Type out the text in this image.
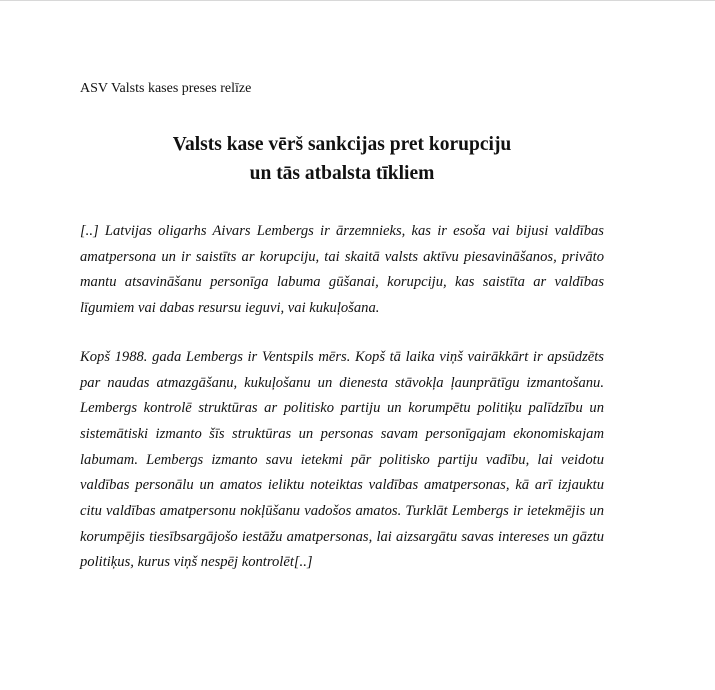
ASV Valsts kases preses relīze

Valsts kase vērš sankcijas pret korupciju
un tās atbalsta tīkliem

[..] Latvijas oligarhs Aivars Lembergs ir ārzemnieks, kas ir esoša vai bijusi valdības amatpersona un ir saistīts ar korupciju, tai skaitā valsts aktīvu piesavināšanos, privāto mantu atsavināšanu personīga labuma gūšanai, korupciju, kas saistīta ar valdības līgumiem vai dabas resursu ieguvi, vai kukuļošana.

Kopš 1988. gada Lembergs ir Ventspils mērs. Kopš tā laika viņš vairākkārt ir apsūdzēts par naudas atmazgāšanu, kukuļošanu un dienesta stāvokļa ļaunprātīgu izmantošanu. Lembergs kontrolē struktūras ar politisko partiju un korumpētu politiķu palīdzību un sistemātiski izmanto šīs struktūras un personas savam personīgajam ekonomiskajam labumam. Lembergs izmanto savu ietekmi pār politisko partiju vadību, lai veidotu valdības personālu un amatos ieliktu noteiktas valdības amatpersonas, kā arī izjauktu citu valdības amatpersonu nokļūšanu vadošos amatos. Turklāt Lembergs ir ietekmējis un korumpējis tiesībsargājošo iestāžu amatpersonas, lai aizsargātu savas intereses un gāztu politiķus, kurus viņš nespēj kontrolēt[..]
